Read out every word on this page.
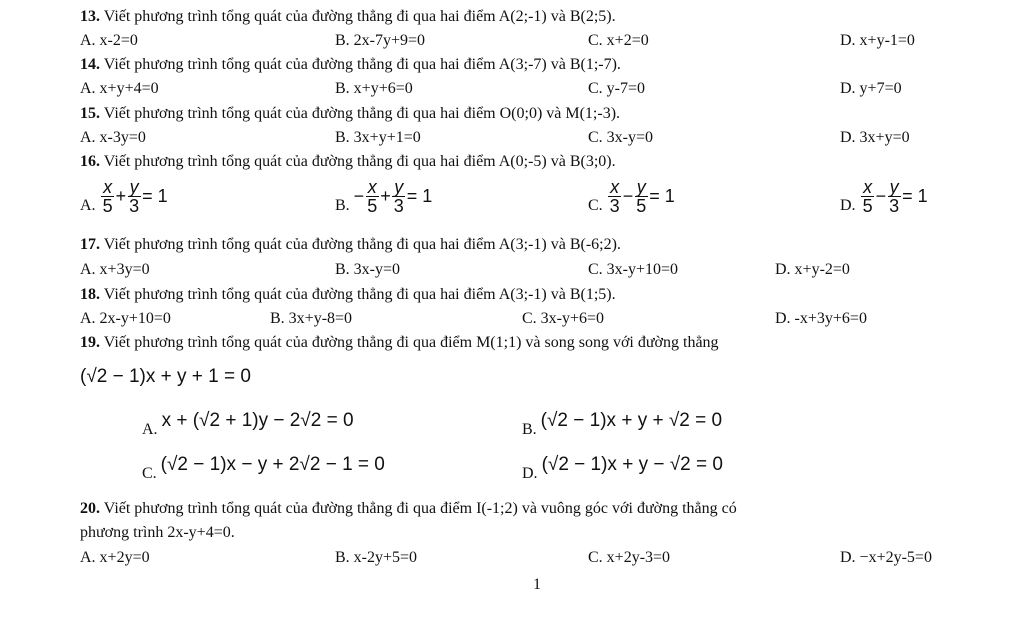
13. Viết phương trình tổng quát của đường thẳng đi qua hai điểm A(2;-1) và B(2;5).
A. x-2=0	B. 2x-7y+9=0	C. x+2=0	D. x+y-1=0
14. Viết phương trình tổng quát của đường thẳng đi qua hai điểm A(3;-7) và B(1;-7).
A. x+y+4=0	B. x+y+6=0	C. y-7=0	D. y+7=0
15. Viết phương trình tổng quát của đường thẳng đi qua hai điểm O(0;0) và M(1;-3).
A. x-3y=0	B. 3x+y+1=0	C. 3x-y=0	D. 3x+y=0
16. Viết phương trình tổng quát của đường thẳng đi qua hai điểm A(0;-5) và B(3;0).
A. $\frac{x}{5} + \frac{y}{3} = 1$	B. − $\frac{x}{5} + \frac{y}{3} = 1$	C. $\frac{x}{3} - \frac{y}{5} = 1$	D. $\frac{x}{5} - \frac{y}{3} = 1$
17. Viết phương trình tổng quát của đường thẳng đi qua hai điểm A(3;-1) và B(-6;2).
A. x+3y=0	B. 3x-y=0	C. 3x-y+10=0	D. x+y-2=0
18. Viết phương trình tổng quát của đường thẳng đi qua hai điểm A(3;-1) và B(1;5).
A. 2x-y+10=0	B. 3x+y-8=0	C. 3x-y+6=0	D. -x+3y+6=0
19. Viết phương trình tổng quát của đường thẳng đi qua điểm M(1;1) và song song với đường thẳng
(√2 − 1)x + y + 1 = 0
A. x + (√2 + 1)y − 2√2 = 0	B. (√2 − 1)x + y + √2 = 0
C. (√2 − 1)x − y + 2√2 − 1 = 0	D. (√2 − 1)x + y − √2 = 0
20. Viết phương trình tổng quát của đường thẳng đi qua điểm I(-1;2) và vuông góc với đường thẳng có
phương trình 2x-y+4=0.
A. x+2y=0	B. x-2y+5=0	C. x+2y-3=0	D. −x+2y-5=0
1
